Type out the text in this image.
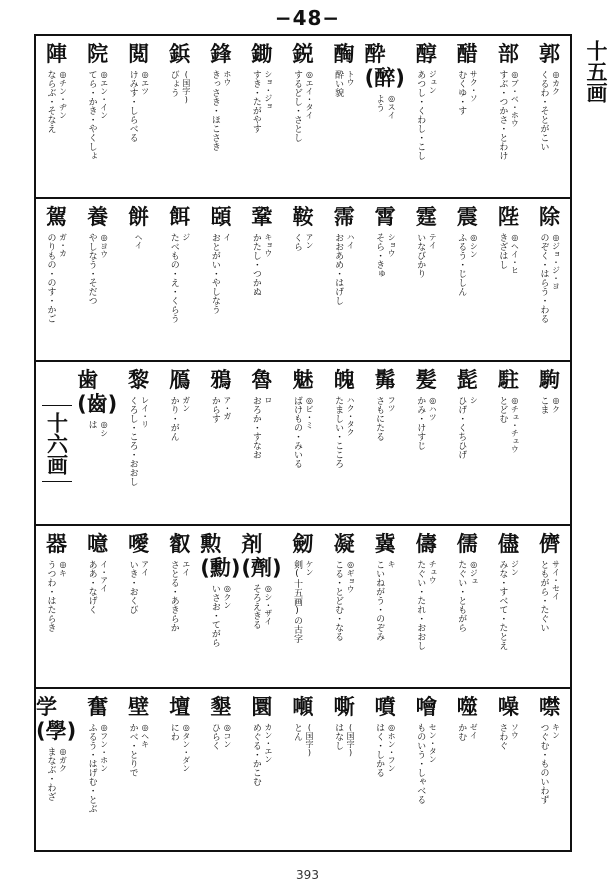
−48−
十五画
郭
◎カク
くるわ・そとがこい
部
◎ブ・ベ・ホウ
すぶ・つかさ・とわけ
醋
サク・ソ
むくゆ・す
醇
ジュン
あつし・くわし・こし
酔(醉)
◎スイ
よう
醄
トウ
酔い貌
鋭
◎エイ・タイ
するどし・さとし
鋤
ショ・ジョ
すき・たがやす
鋒
ホウ
きっさき・ほこさき
鋲
(国字)
びょう
閲
◎エツ
けみす・しらべる
院
◎エン・イン
てら・かき・やくしょ
陣
◎チン・ヂン
ならぶ・そなえ
除
◎ジョ・ジ・ヨ
のぞく・はらう・わる
陛
◎ヘイ・ヒ
きざはし
震
◎シン
ふるう・じしん
霆
テイ
いなびかり
霄
ショウ
そら・きゅ
霈
ハイ
おおあめ・はげし
鞍
アン
くら
鞏
キョウ
かたし・つかぬ
頣
イ
おとがい・やしなう
餌
ジ
たべもの・え・くらう
餅
ヘイ
養
◎ヨウ
やしなう・そだつ
駕
ガ・カ
のりもの・のす・かご
駒
◎ク
こま
駐
◎チュ・チュウ
とどむ
髭
シ
ひげ・くちひげ
髪
◎ハツ
かみ・けすじ
髴
フツ
さもにたる
魄
ハク・タク
たましい・こころ
魅
◎ビ・ミ
ばけもの・みいる
魯
ロ
おろか・すなお
鴉
ア・ガ
からす
鴈
ガン
かり・がん
黎
レイ・リ
くろし・ころ・おおし
歯(齒)
◎シ
は
十六画
儕
サイ・セイ
ともがら・たぐい
儘
ジン
みな・すべて・たとえ
儒
◎ジュ
たぐい・ともがら
儔
チュウ
たぐい・たれ・おおし
冀
キ
こいねがう・のぞみ
凝
◎ギョウ
こる・とどむ・なる
劒
ケン
剣(十五画)の古字
剤(劑)
◎シ・ザイ
そろえきる
勲(勳)
◎クン
いさお・てがら
叡
エイ
さとる・あきらか
噯
アイ
いき・おくび
噫
イ・アイ
ああ・なげく
器
◎キ
うつわ・はたらき
噤
キン
つぐむ・ものいわず
噪
ソウ
さわぐ
噬
ゼイ
かむ
噲
セン・タン
ものいう・しゃべる
噴
◎ホン・フン
はく・しかる
嘶
(国字)
はなし
噸
(国字)
とん
圜
カン・エン
めぐる・かこむ
墾
◎コン
ひらく
壇
◎タン・ダン
にわ
壁
◎ヘキ
かべ・とりで
奮
◎フン・ホン
ふるう・はげむ・とぶ
学(學)
◎ガク
まなぶ・わざ
393
